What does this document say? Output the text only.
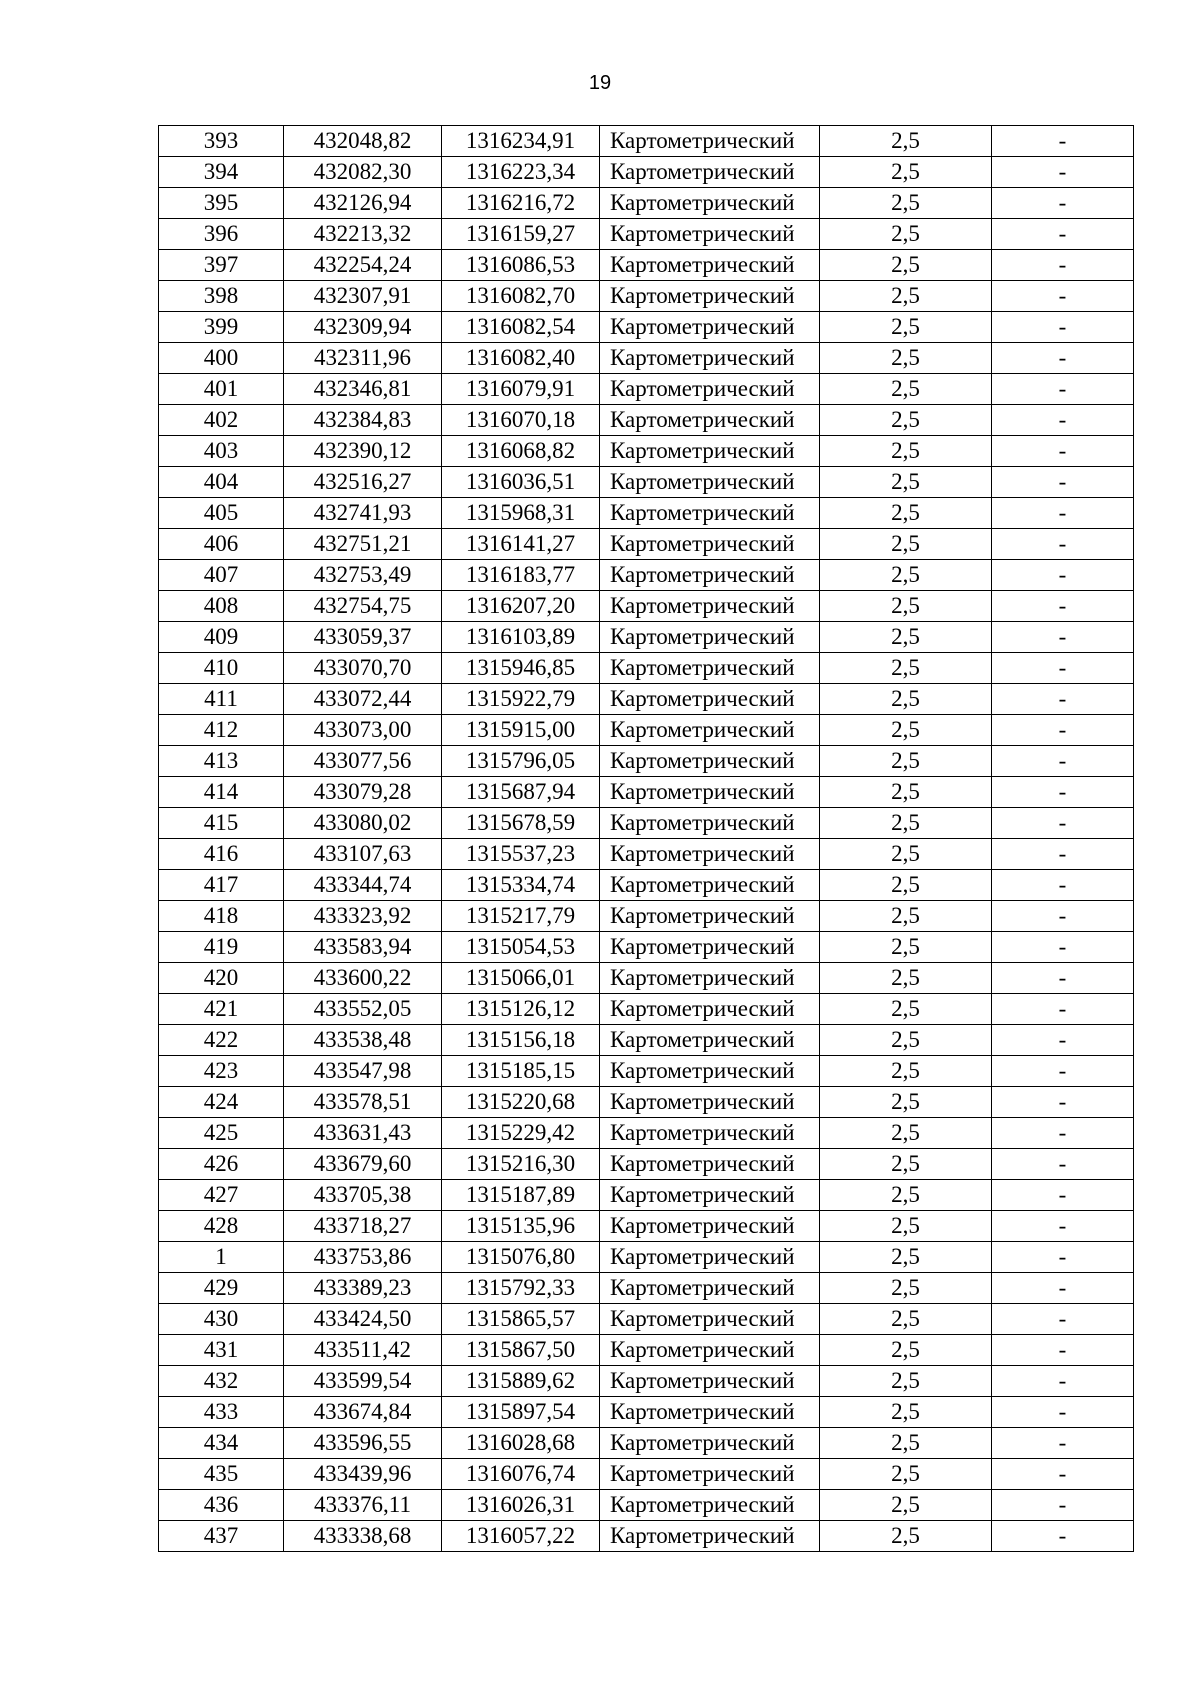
19
393	432048,82	1316234,91	Картометрический	2,5	-
394	432082,30	1316223,34	Картометрический	2,5	-
395	432126,94	1316216,72	Картометрический	2,5	-
396	432213,32	1316159,27	Картометрический	2,5	-
397	432254,24	1316086,53	Картометрический	2,5	-
398	432307,91	1316082,70	Картометрический	2,5	-
399	432309,94	1316082,54	Картометрический	2,5	-
400	432311,96	1316082,40	Картометрический	2,5	-
401	432346,81	1316079,91	Картометрический	2,5	-
402	432384,83	1316070,18	Картометрический	2,5	-
403	432390,12	1316068,82	Картометрический	2,5	-
404	432516,27	1316036,51	Картометрический	2,5	-
405	432741,93	1315968,31	Картометрический	2,5	-
406	432751,21	1316141,27	Картометрический	2,5	-
407	432753,49	1316183,77	Картометрический	2,5	-
408	432754,75	1316207,20	Картометрический	2,5	-
409	433059,37	1316103,89	Картометрический	2,5	-
410	433070,70	1315946,85	Картометрический	2,5	-
411	433072,44	1315922,79	Картометрический	2,5	-
412	433073,00	1315915,00	Картометрический	2,5	-
413	433077,56	1315796,05	Картометрический	2,5	-
414	433079,28	1315687,94	Картометрический	2,5	-
415	433080,02	1315678,59	Картометрический	2,5	-
416	433107,63	1315537,23	Картометрический	2,5	-
417	433344,74	1315334,74	Картометрический	2,5	-
418	433323,92	1315217,79	Картометрический	2,5	-
419	433583,94	1315054,53	Картометрический	2,5	-
420	433600,22	1315066,01	Картометрический	2,5	-
421	433552,05	1315126,12	Картометрический	2,5	-
422	433538,48	1315156,18	Картометрический	2,5	-
423	433547,98	1315185,15	Картометрический	2,5	-
424	433578,51	1315220,68	Картометрический	2,5	-
425	433631,43	1315229,42	Картометрический	2,5	-
426	433679,60	1315216,30	Картометрический	2,5	-
427	433705,38	1315187,89	Картометрический	2,5	-
428	433718,27	1315135,96	Картометрический	2,5	-
1	433753,86	1315076,80	Картометрический	2,5	-
429	433389,23	1315792,33	Картометрический	2,5	-
430	433424,50	1315865,57	Картометрический	2,5	-
431	433511,42	1315867,50	Картометрический	2,5	-
432	433599,54	1315889,62	Картометрический	2,5	-
433	433674,84	1315897,54	Картометрический	2,5	-
434	433596,55	1316028,68	Картометрический	2,5	-
435	433439,96	1316076,74	Картометрический	2,5	-
436	433376,11	1316026,31	Картометрический	2,5	-
437	433338,68	1316057,22	Картометрический	2,5	-
